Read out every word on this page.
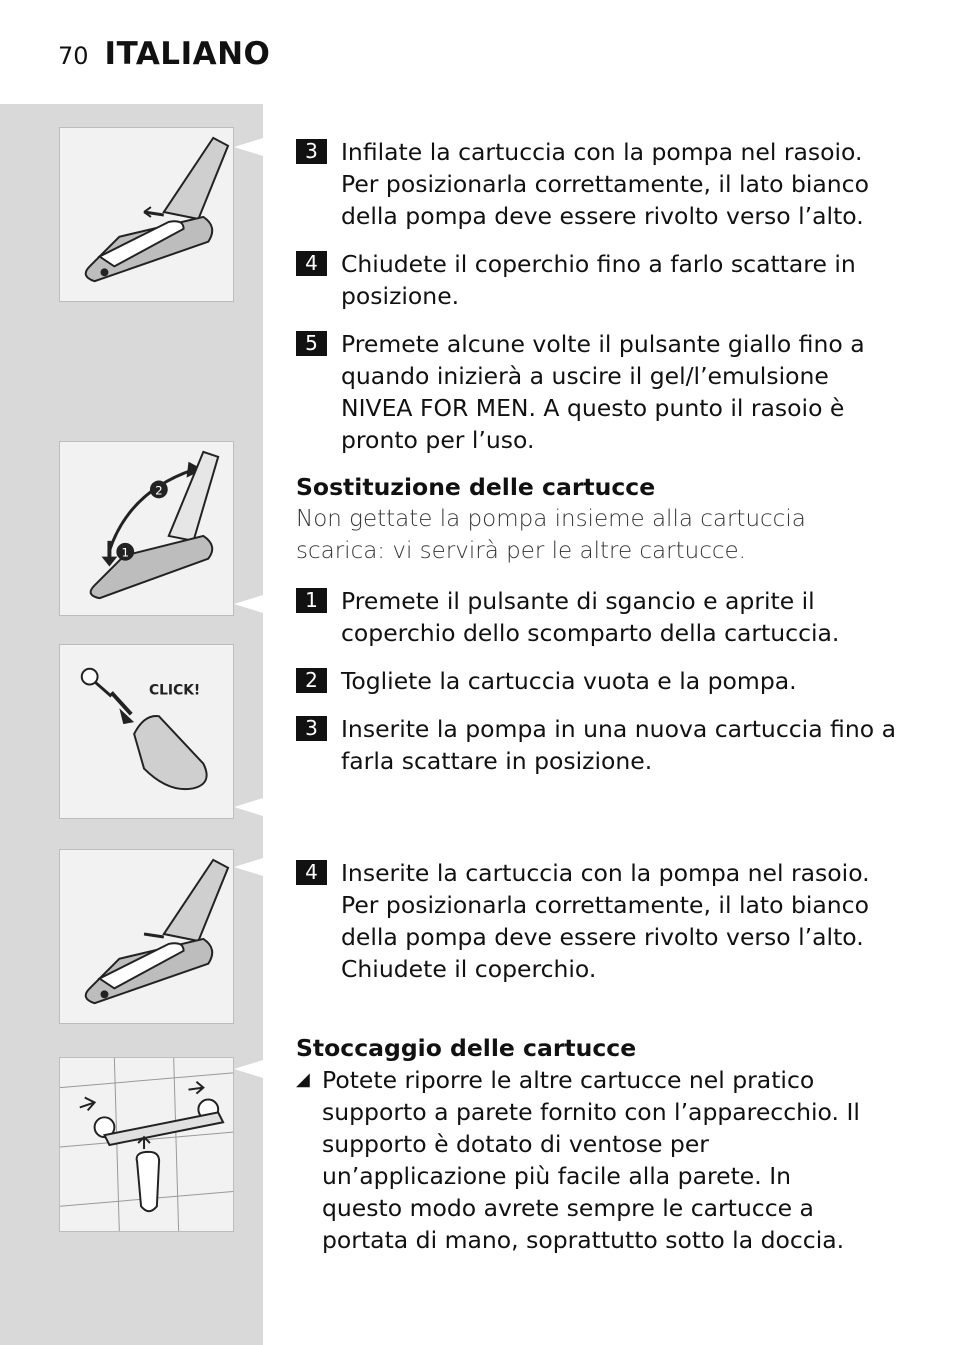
70 ITALIANO
2
1
CLICK!
3 Infilate la cartuccia con la pompa nel rasoio. Per posizionarla correttamente, il lato bianco della pompa deve essere rivolto verso l’alto.
4 Chiudete il coperchio fino a farlo scattare in posizione.
5 Premete alcune volte il pulsante giallo fino a quando inizierà a uscire il gel/l’emulsione NIVEA FOR MEN. A questo punto il rasoio è pronto per l’uso.
Sostituzione delle cartucce
Non gettate la pompa insieme alla cartuccia scarica: vi servirà per le altre cartucce.
1 Premete il pulsante di sgancio e aprite il coperchio dello scomparto della cartuccia.
2 Togliete la cartuccia vuota e la pompa.
3 Inserite la pompa in una nuova cartuccia fino a farla scattare in posizione.
4 Inserite la cartuccia con la pompa nel rasoio. Per posizionarla correttamente, il lato bianco della pompa deve essere rivolto verso l’alto. Chiudete il coperchio.
Stoccaggio delle cartucce
◢ Potete riporre le altre cartucce nel pratico supporto a parete fornito con l’apparecchio. Il supporto è dotato di ventose per un’applicazione più facile alla parete. In questo modo avrete sempre le cartucce a portata di mano, soprattutto sotto la doccia.
